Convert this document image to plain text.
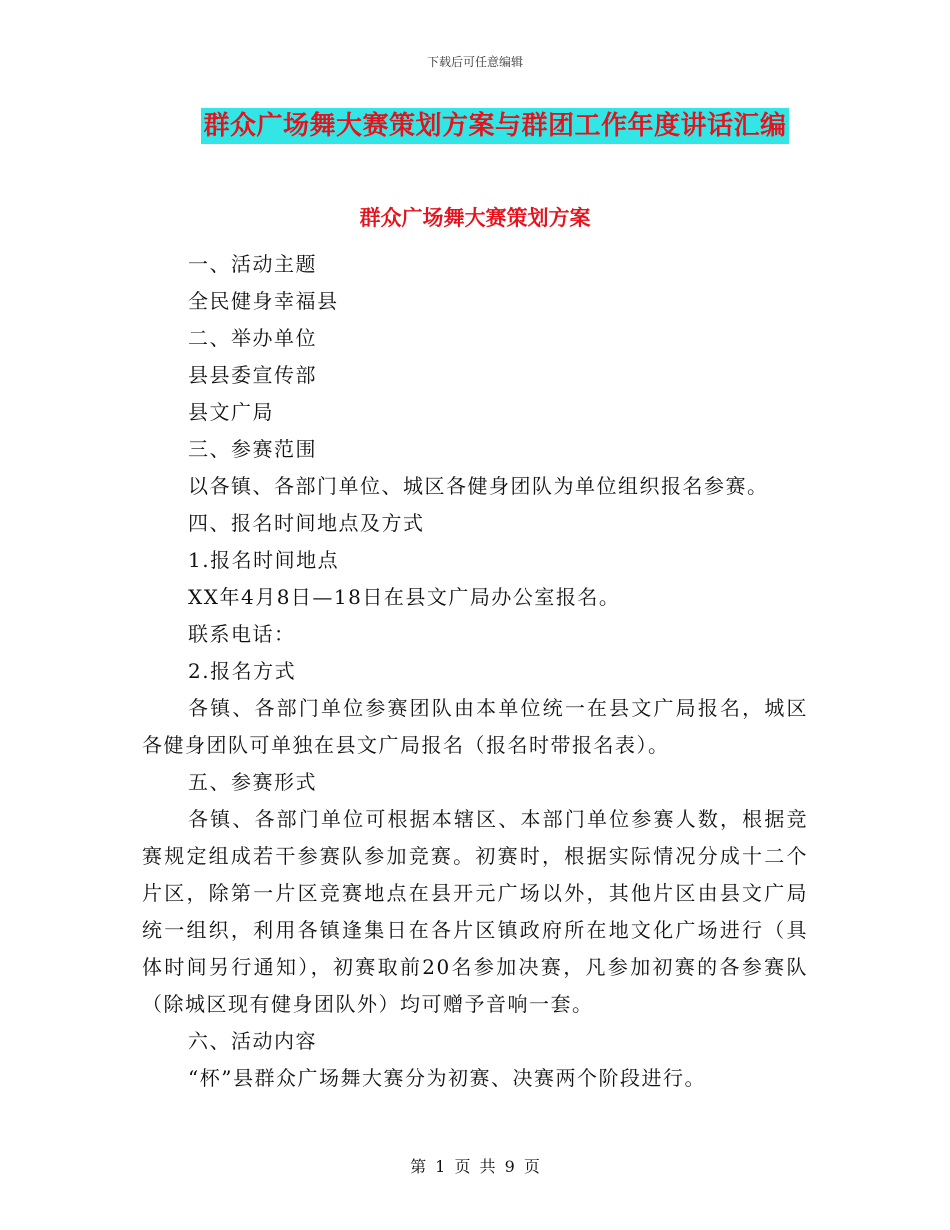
下载后可任意编辑
群众广场舞大赛策划方案与群团工作年度讲话汇编
群众广场舞大赛策划方案

一、活动主题

全民健身幸福县

二、举办单位

县县委宣传部

县文广局

三、参赛范围

以各镇、各部门单位、城区各健身团队为单位组织报名参赛。

四、报名时间地点及方式

1.报名时间地点

XX年4月8日—18日在县文广局办公室报名。

联系电话：

2.报名方式

各镇、各部门单位参赛团队由本单位统一在县文广局报名，城区各健身团队可单独在县文广局报名（报名时带报名表）。

五、参赛形式

各镇、各部门单位可根据本辖区、本部门单位参赛人数，根据竞赛规定组成若干参赛队参加竞赛。初赛时，根据实际情况分成十二个片区，除第一片区竞赛地点在县开元广场以外，其他片区由县文广局统一组织，利用各镇逢集日在各片区镇政府所在地文化广场进行（具体时间另行通知），初赛取前20名参加决赛，凡参加初赛的各参赛队（除城区现有健身团队外）均可赠予音响一套。

六、活动内容

“杯”县群众广场舞大赛分为初赛、决赛两个阶段进行。

第 1 页 共 9 页
